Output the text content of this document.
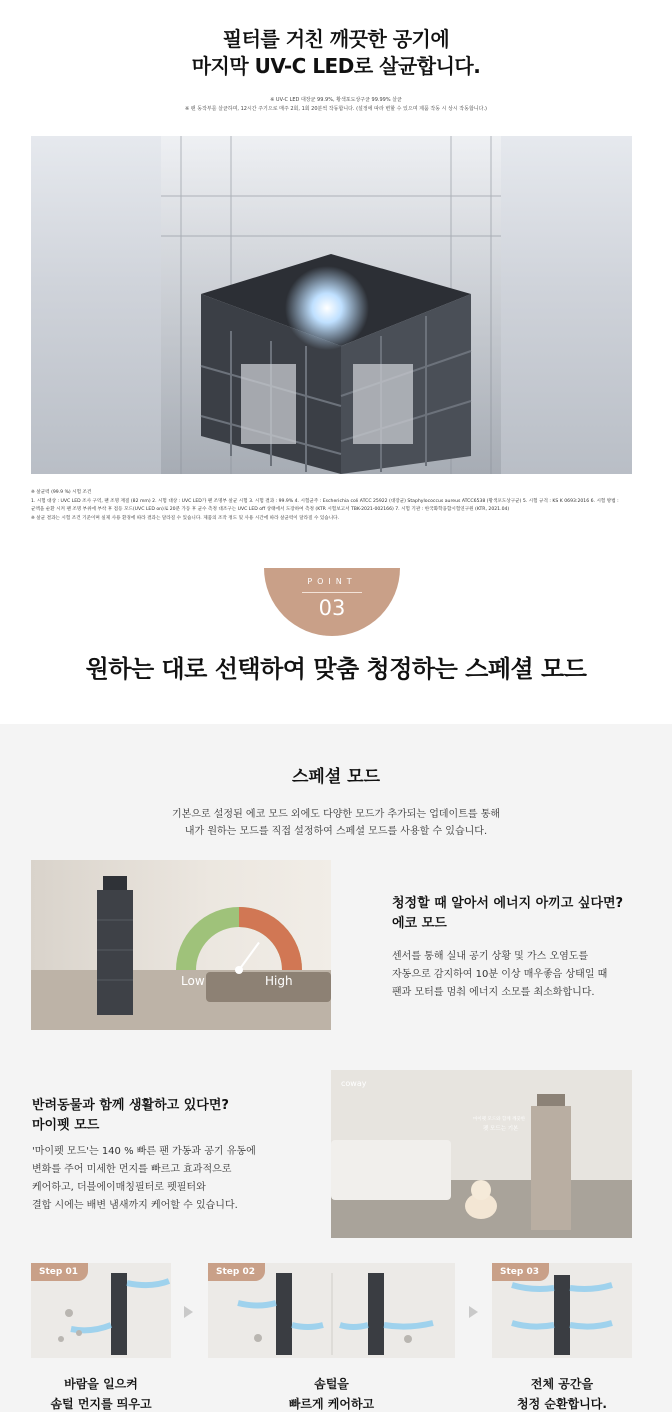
필터를 거친 깨끗한 공기에
마지막 UV-C LED로 살균합니다.
※ UV-C LED 대장균 99.9%, 황색포도상구균 99.99% 살균
※ 팬 동작부를 살균하며, 12시간 주기으로 매주 2회, 1회 20분씩 작동합니다. (설정에 따라 변할 수 있으며 제품 작동 시 상시 작동합니다.)
※ 살균력 (99.9 %) 시험 조건
1. 시험 대상 : UVC LED 조사 구역, 팬 조명 재질 (82 mm) 2. 시험 대상 : UVC LED가 팬 조명부 살균 시험 3. 시험 결과 : 99.9% 4. 시험균주 : Escherichia coli ATCC 25922 (대장균) Staphylococcus aureus ATCC6538 (황색포도상구균) 5. 시험 규격 : KS K 0693:2016 6. 시험 방법 :
균액을 순환 시켜 팬 조명 부위에 부착 후 점등 모드(UVC LED on)로 20분 가동 후 균수 측정 대조구는 UVC LED off 상태에서 도장하여 측정 (KTR 시험보고서 TBK-2021-002166) 7. 시험 기관 : 한국화학융합시험연구원 (KTR, 2021.04)
※ 살균 결과는 시험 조건 기준이며 실제 사용 환경에 따라 결과는 달라질 수 있습니다. 제품의 조작 정도 및 사용 시간에 따라 살균력이 달라질 수 있습니다.
POINT
03
원하는 대로 선택하여 맞춤 청정하는 스페셜 모드
스페셜 모드
기본으로 설정된 에코 모드 외에도 다양한 모드가 추가되는 업데이트를 통해
내가 원하는 모드를 직접 설정하여 스페셜 모드를 사용할 수 있습니다.
Low	High
청정할 때 알아서 에너지 아끼고 싶다면?
에코 모드
센서를 통해 실내 공기 상황 및 가스 오염도를
자동으로 감지하여 10분 이상 매우좋음 상태일 때
팬과 모터를 멈춰 에너지 소모를 최소화합니다.
반려동물과 함께 생활하고 있다면?
마이펫 모드
'마이펫 모드'는 140 % 빠른 팬 가동과 공기 유동에
변화를 주어 미세한 먼지를 빠르고 효과적으로
케어하고, 더블에이매칭필터로 펫필터와
결합 시에는 배변 냄새까지 케어할 수 있습니다.
coway
마이펫 모드와 함께 깨끗한
펫 모드는 기본
Step 01	Step 02	Step 03
바람을 일으켜
솜털 먼지를 띄우고
솜털을
빠르게 케어하고
전체 공간을
청정 순환합니다.
